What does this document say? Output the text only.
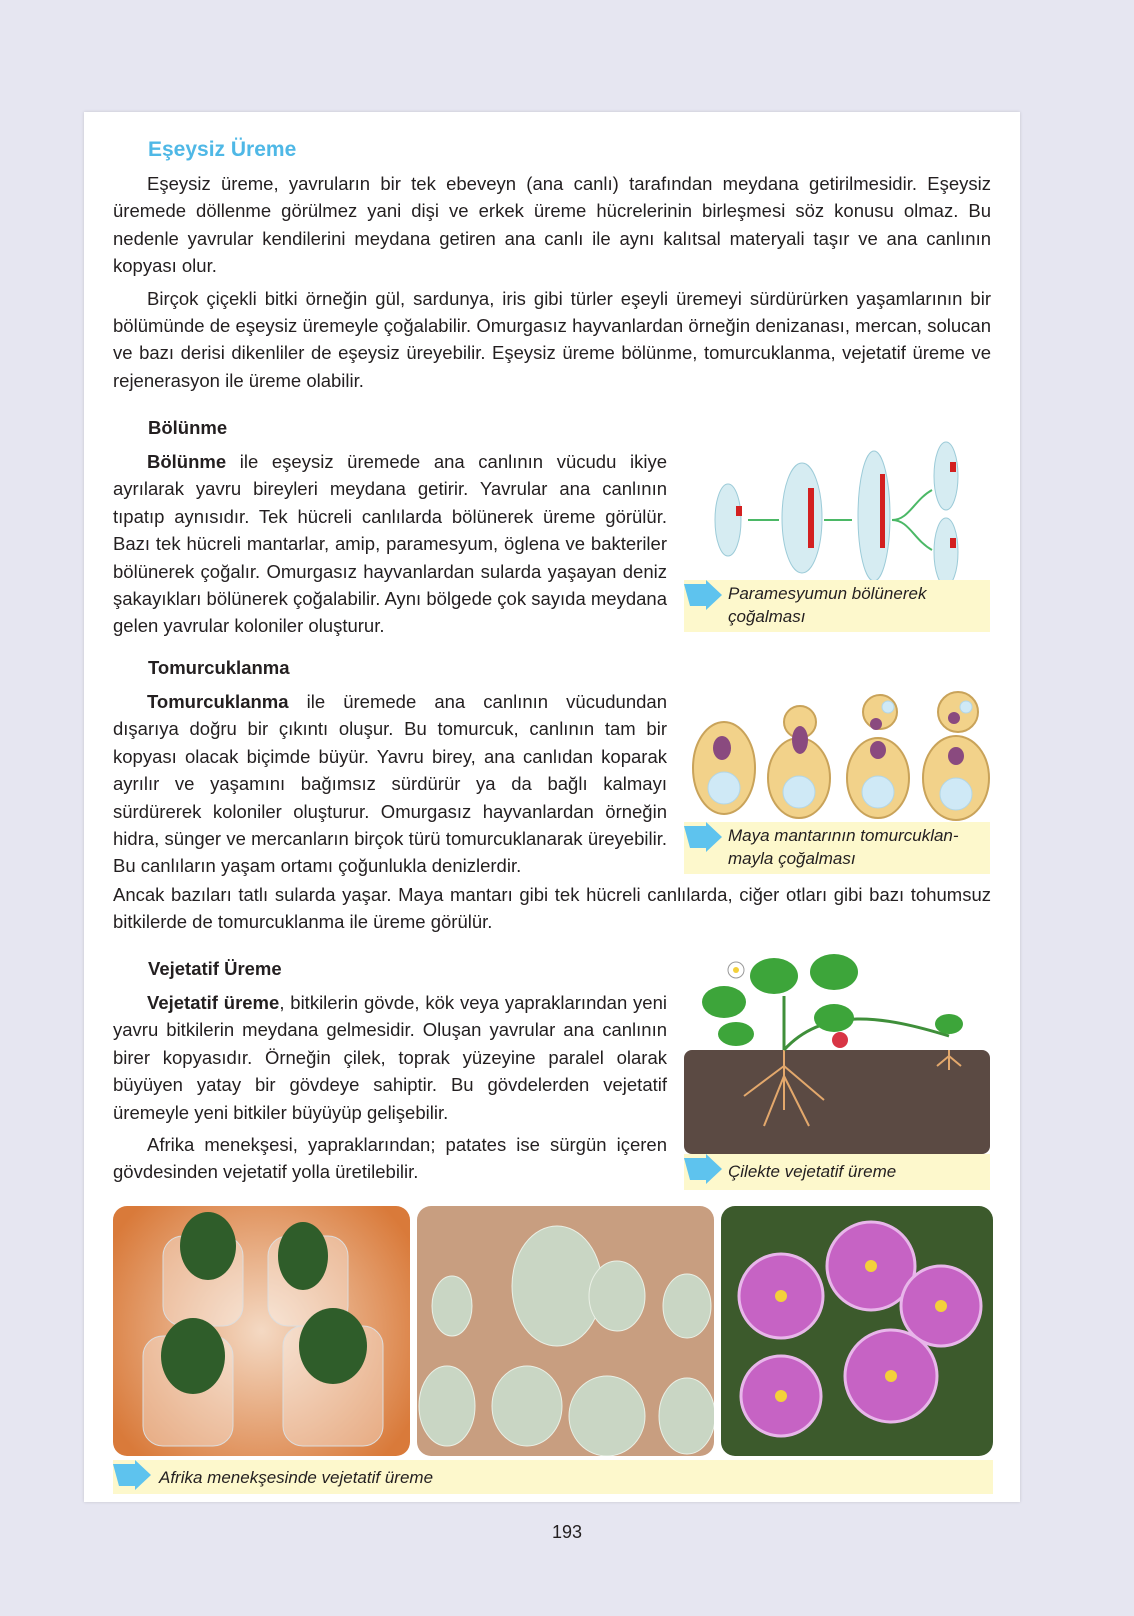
Eşeysiz Üreme

Eşeysiz üreme, yavruların bir tek ebeveyn (ana canlı) tarafından meydana getirilmesidir. Eşeysiz üremede döllenme görülmez yani dişi ve erkek üreme hücrelerinin birleşmesi söz konusu olmaz. Bu nedenle yavrular kendilerini meydana getiren ana canlı ile aynı kalıtsal materyali taşır ve ana canlının kopyası olur.

Birçok çiçekli bitki örneğin gül, sardunya, iris gibi türler eşeyli üremeyi sürdürürken yaşamlarının bir bölümünde de eşeysiz üremeyle çoğalabilir. Omurgasız hayvanlardan örneğin denizanası, mercan, solucan ve bazı derisi dikenliler de eşeysiz üreyebilir. Eşeysiz üreme bölünme, tomurcuklanma, vejetatif üreme ve rejenerasyon ile üreme olabilir.

Bölünme

Bölünme ile eşeysiz üremede ana canlının vücudu ikiye ayrılarak yavru bireyleri meydana getirir. Yavrular ana canlının tıpatıp aynısıdır. Tek hücreli canlılarda bölünerek üreme görülür. Bazı tek hücreli mantarlar, amip, paramesyum, öglena ve bakteriler bölünerek çoğalır. Omurgasız hayvanlardan sularda yaşayan deniz şakayıkları bölünerek çoğalabilir. Aynı bölgede çok sayıda meydana gelen yavrular koloniler oluşturur.

Paramesyumun bölünerek
çoğalması
Tomurcuklanma

Tomurcuklanma ile üremede ana canlının vücudundan dışarıya doğru bir çıkıntı oluşur. Bu tomurcuk, canlının tam bir kopyası olacak biçimde büyür. Yavru birey, ana canlıdan koparak ayrılır ve yaşamını bağımsız sürdürür ya da bağlı kalmayı sürdürerek koloniler oluşturur. Omurgasız hayvanlardan örneğin hidra, sünger ve mercanların birçok türü tomurcuklanarak üreyebilir. Bu canlıların yaşam ortamı çoğunlukla denizlerdir.

Ancak bazıları tatlı sularda yaşar. Maya mantarı gibi tek hücreli canlılarda, ciğer otları gibi bazı tohumsuz bitkilerde de tomurcuklanma ile üreme görülür.

Maya mantarının tomurcuklan-
mayla çoğalması
Vejetatif Üreme

Vejetatif üreme, bitkilerin gövde, kök veya yapraklarından yeni yavru bitkilerin meydana gelmesidir. Oluşan yavrular ana canlının birer kopyasıdır. Örneğin çilek, toprak yüzeyine paralel olarak büyüyen yatay bir gövdeye sahiptir. Bu gövdelerden vejetatif üremeyle yeni bitkiler büyüyüp gelişebilir.

Afrika menekşesi, yapraklarından; patates ise sürgün içeren gövdesinden vejetatif yolla üretilebilir.	Çilekte vejetatif üreme
Afrika menekşesinde vejetatif üreme
193
